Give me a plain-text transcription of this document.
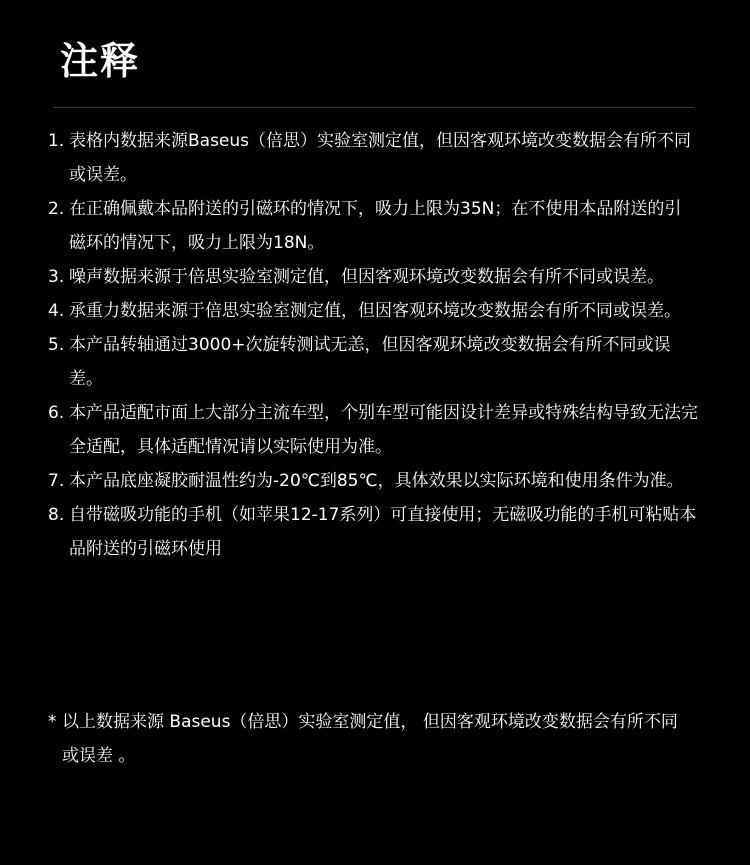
注释
1. 表格内数据来源Baseus（倍思）实验室测定值，但因客观环境改变数据会有所不同或误差。
2. 在正确佩戴本品附送的引磁环的情况下，吸力上限为35N；在不使用本品附送的引磁环的情况下，吸力上限为18N。
3. 噪声数据来源于倍思实验室测定值，但因客观环境改变数据会有所不同或误差。
4. 承重力数据来源于倍思实验室测定值，但因客观环境改变数据会有所不同或误差。
5. 本产品转轴通过3000+次旋转测试无恙，但因客观环境改变数据会有所不同或误差。
6. 本产品适配市面上大部分主流车型，个别车型可能因设计差异或特殊结构导致无法完全适配，具体适配情况请以实际使用为准。
7. 本产品底座凝胶耐温性约为-20℃到85℃，具体效果以实际环境和使用条件为准。
8. 自带磁吸功能的手机（如苹果12-17系列）可直接使用；无磁吸功能的手机可粘贴本品附送的引磁环使用
* 以上数据来源 Baseus（倍思）实验室测定值， 但因客观环境改变数据会有所不同或误差 。
